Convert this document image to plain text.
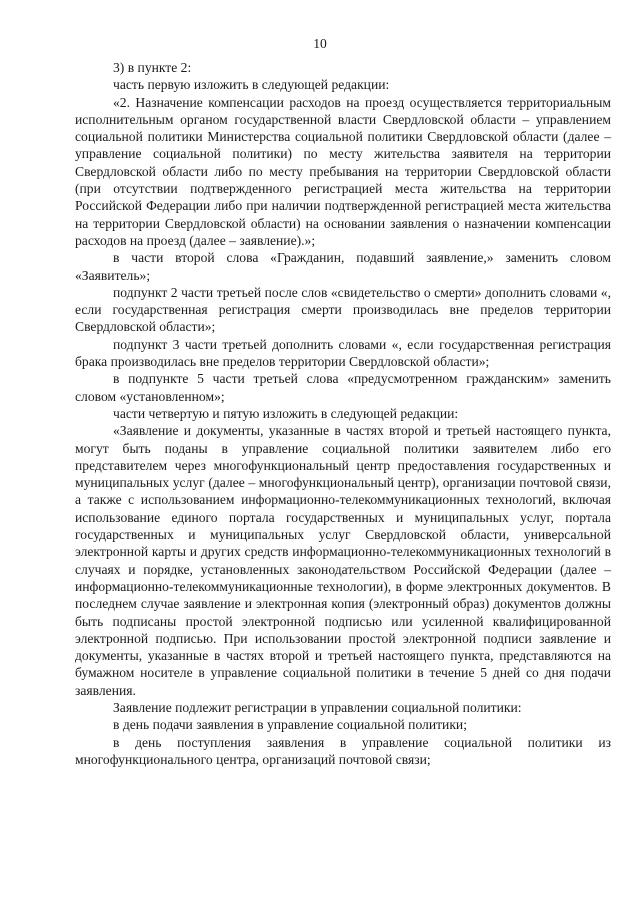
10

3) в пункте 2:

часть первую изложить в следующей редакции:

«2. Назначение компенсации расходов на проезд осуществляется территориальным исполнительным органом государственной власти Свердловской области – управлением социальной политики Министерства социальной политики Свердловской области (далее – управление социальной политики) по месту жительства заявителя на территории Свердловской области либо по месту пребывания на территории Свердловской области (при отсутствии подтвержденного регистрацией места жительства на территории Российской Федерации либо при наличии подтвержденной регистрацией места жительства на территории Свердловской области) на основании заявления о назначении компенсации расходов на проезд (далее – заявление).»;

в части второй слова «Гражданин, подавший заявление,» заменить словом «Заявитель»;

подпункт 2 части третьей после слов «свидетельство о смерти» дополнить словами «, если государственная регистрация смерти производилась вне пределов территории Свердловской области»;

подпункт 3 части третьей дополнить словами «, если государственная регистрация брака производилась вне пределов территории Свердловской области»;

в подпункте 5 части третьей слова «предусмотренном гражданским» заменить словом «установленном»;

части четвертую и пятую изложить в следующей редакции:

«Заявление и документы, указанные в частях второй и третьей настоящего пункта, могут быть поданы в управление социальной политики заявителем либо его представителем через многофункциональный центр предоставления государственных и муниципальных услуг (далее – многофункциональный центр), организации почтовой связи, а также с использованием информационно-телекоммуникационных технологий, включая использование единого портала государственных и муниципальных услуг, портала государственных и муниципальных услуг Свердловской области, универсальной электронной карты и других средств информационно-телекоммуникационных технологий в случаях и порядке, установленных законодательством Российской Федерации (далее – информационно-телекоммуникационные технологии), в форме электронных документов. В последнем случае заявление и электронная копия (электронный образ) документов должны быть подписаны простой электронной подписью или усиленной квалифицированной электронной подписью. При использовании простой электронной подписи заявление и документы, указанные в частях второй и третьей настоящего пункта, представляются на бумажном носителе в управление социальной политики в течение 5 дней со дня подачи заявления.

Заявление подлежит регистрации в управлении социальной политики:

в день подачи заявления в управление социальной политики;

в день поступления заявления в управление социальной политики из многофункционального центра, организаций почтовой связи;
